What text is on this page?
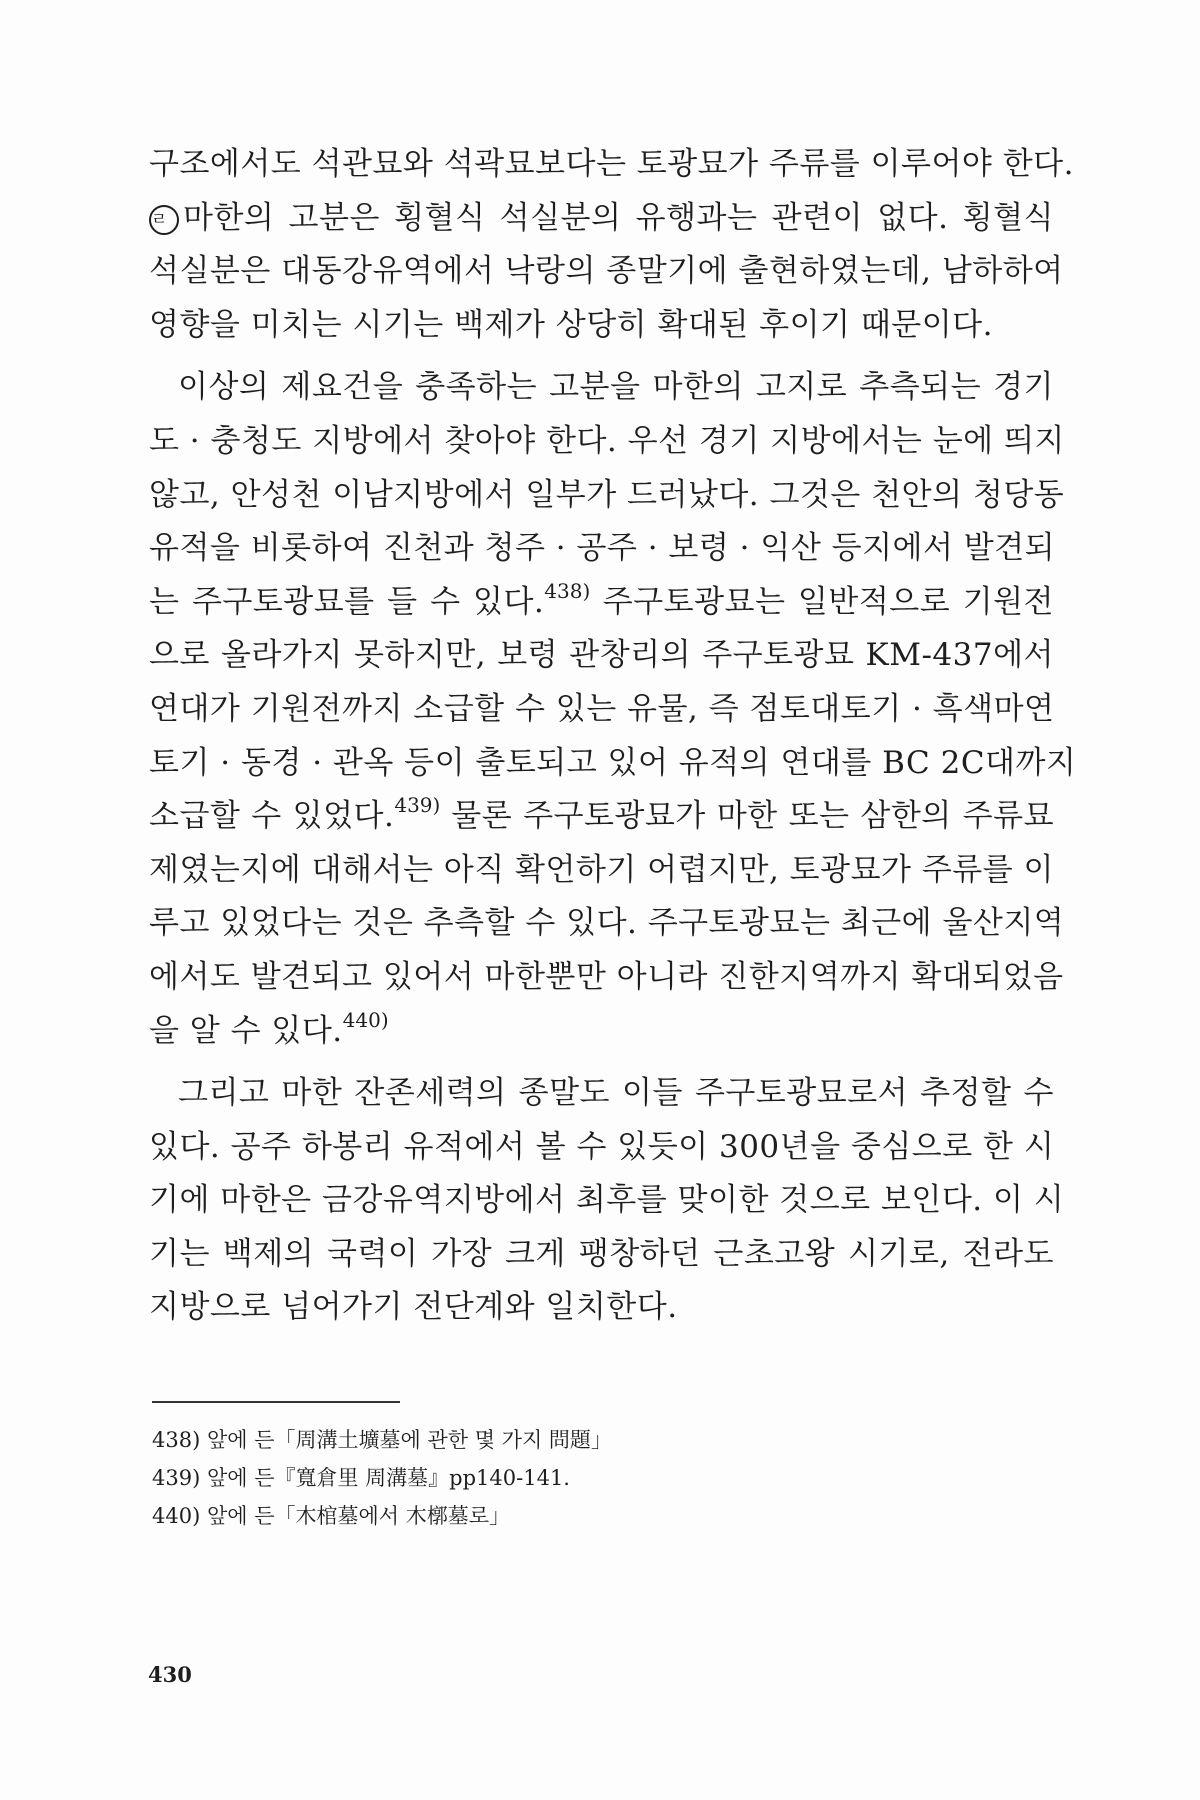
구조에서도 석관묘와 석곽묘보다는 토광묘가 주류를 이루어야 한다.
ㄹ 마한의 고분은 횡혈식 석실분의 유행과는 관련이 없다. 횡혈식
석실분은 대동강유역에서 낙랑의 종말기에 출현하였는데, 남하하여
영향을 미치는 시기는 백제가 상당히 확대된 후이기 때문이다.
이상의 제요건을 충족하는 고분을 마한의 고지로 추측되는 경기
도 · 충청도 지방에서 찾아야 한다. 우선 경기 지방에서는 눈에 띄지
않고, 안성천 이남지방에서 일부가 드러났다. 그것은 천안의 청당동
유적을 비롯하여 진천과 청주 · 공주 · 보령 · 익산 등지에서 발견되
는 주구토광묘를 들 수 있다.$^{438)}$ 주구토광묘는 일반적으로 기원전
으로 올라가지 못하지만, 보령 관창리의 주구토광묘 KM-437에서
연대가 기원전까지 소급할 수 있는 유물, 즉 점토대토기 · 흑색마연
토기 · 동경 · 관옥 등이 출토되고 있어 유적의 연대를 BC 2C대까지
소급할 수 있었다.$^{439)}$ 물론 주구토광묘가 마한 또는 삼한의 주류묘
제였는지에 대해서는 아직 확언하기 어렵지만, 토광묘가 주류를 이
루고 있었다는 것은 추측할 수 있다. 주구토광묘는 최근에 울산지역
에서도 발견되고 있어서 마한뿐만 아니라 진한지역까지 확대되었음
을 알 수 있다.$^{440)}$
그리고 마한 잔존세력의 종말도 이들 주구토광묘로서 추정할 수
있다. 공주 하봉리 유적에서 볼 수 있듯이 300년을 중심으로 한 시
기에 마한은 금강유역지방에서 최후를 맞이한 것으로 보인다. 이 시
기는 백제의 국력이 가장 크게 팽창하던 근초고왕 시기로, 전라도
지방으로 넘어가기 전단계와 일치한다.
438) 앞에 든「周溝土壙墓에 관한 몇 가지 問題」
439) 앞에 든『寬倉里 周溝墓』pp140-141.
440) 앞에 든「木棺墓에서 木槨墓로」
430
